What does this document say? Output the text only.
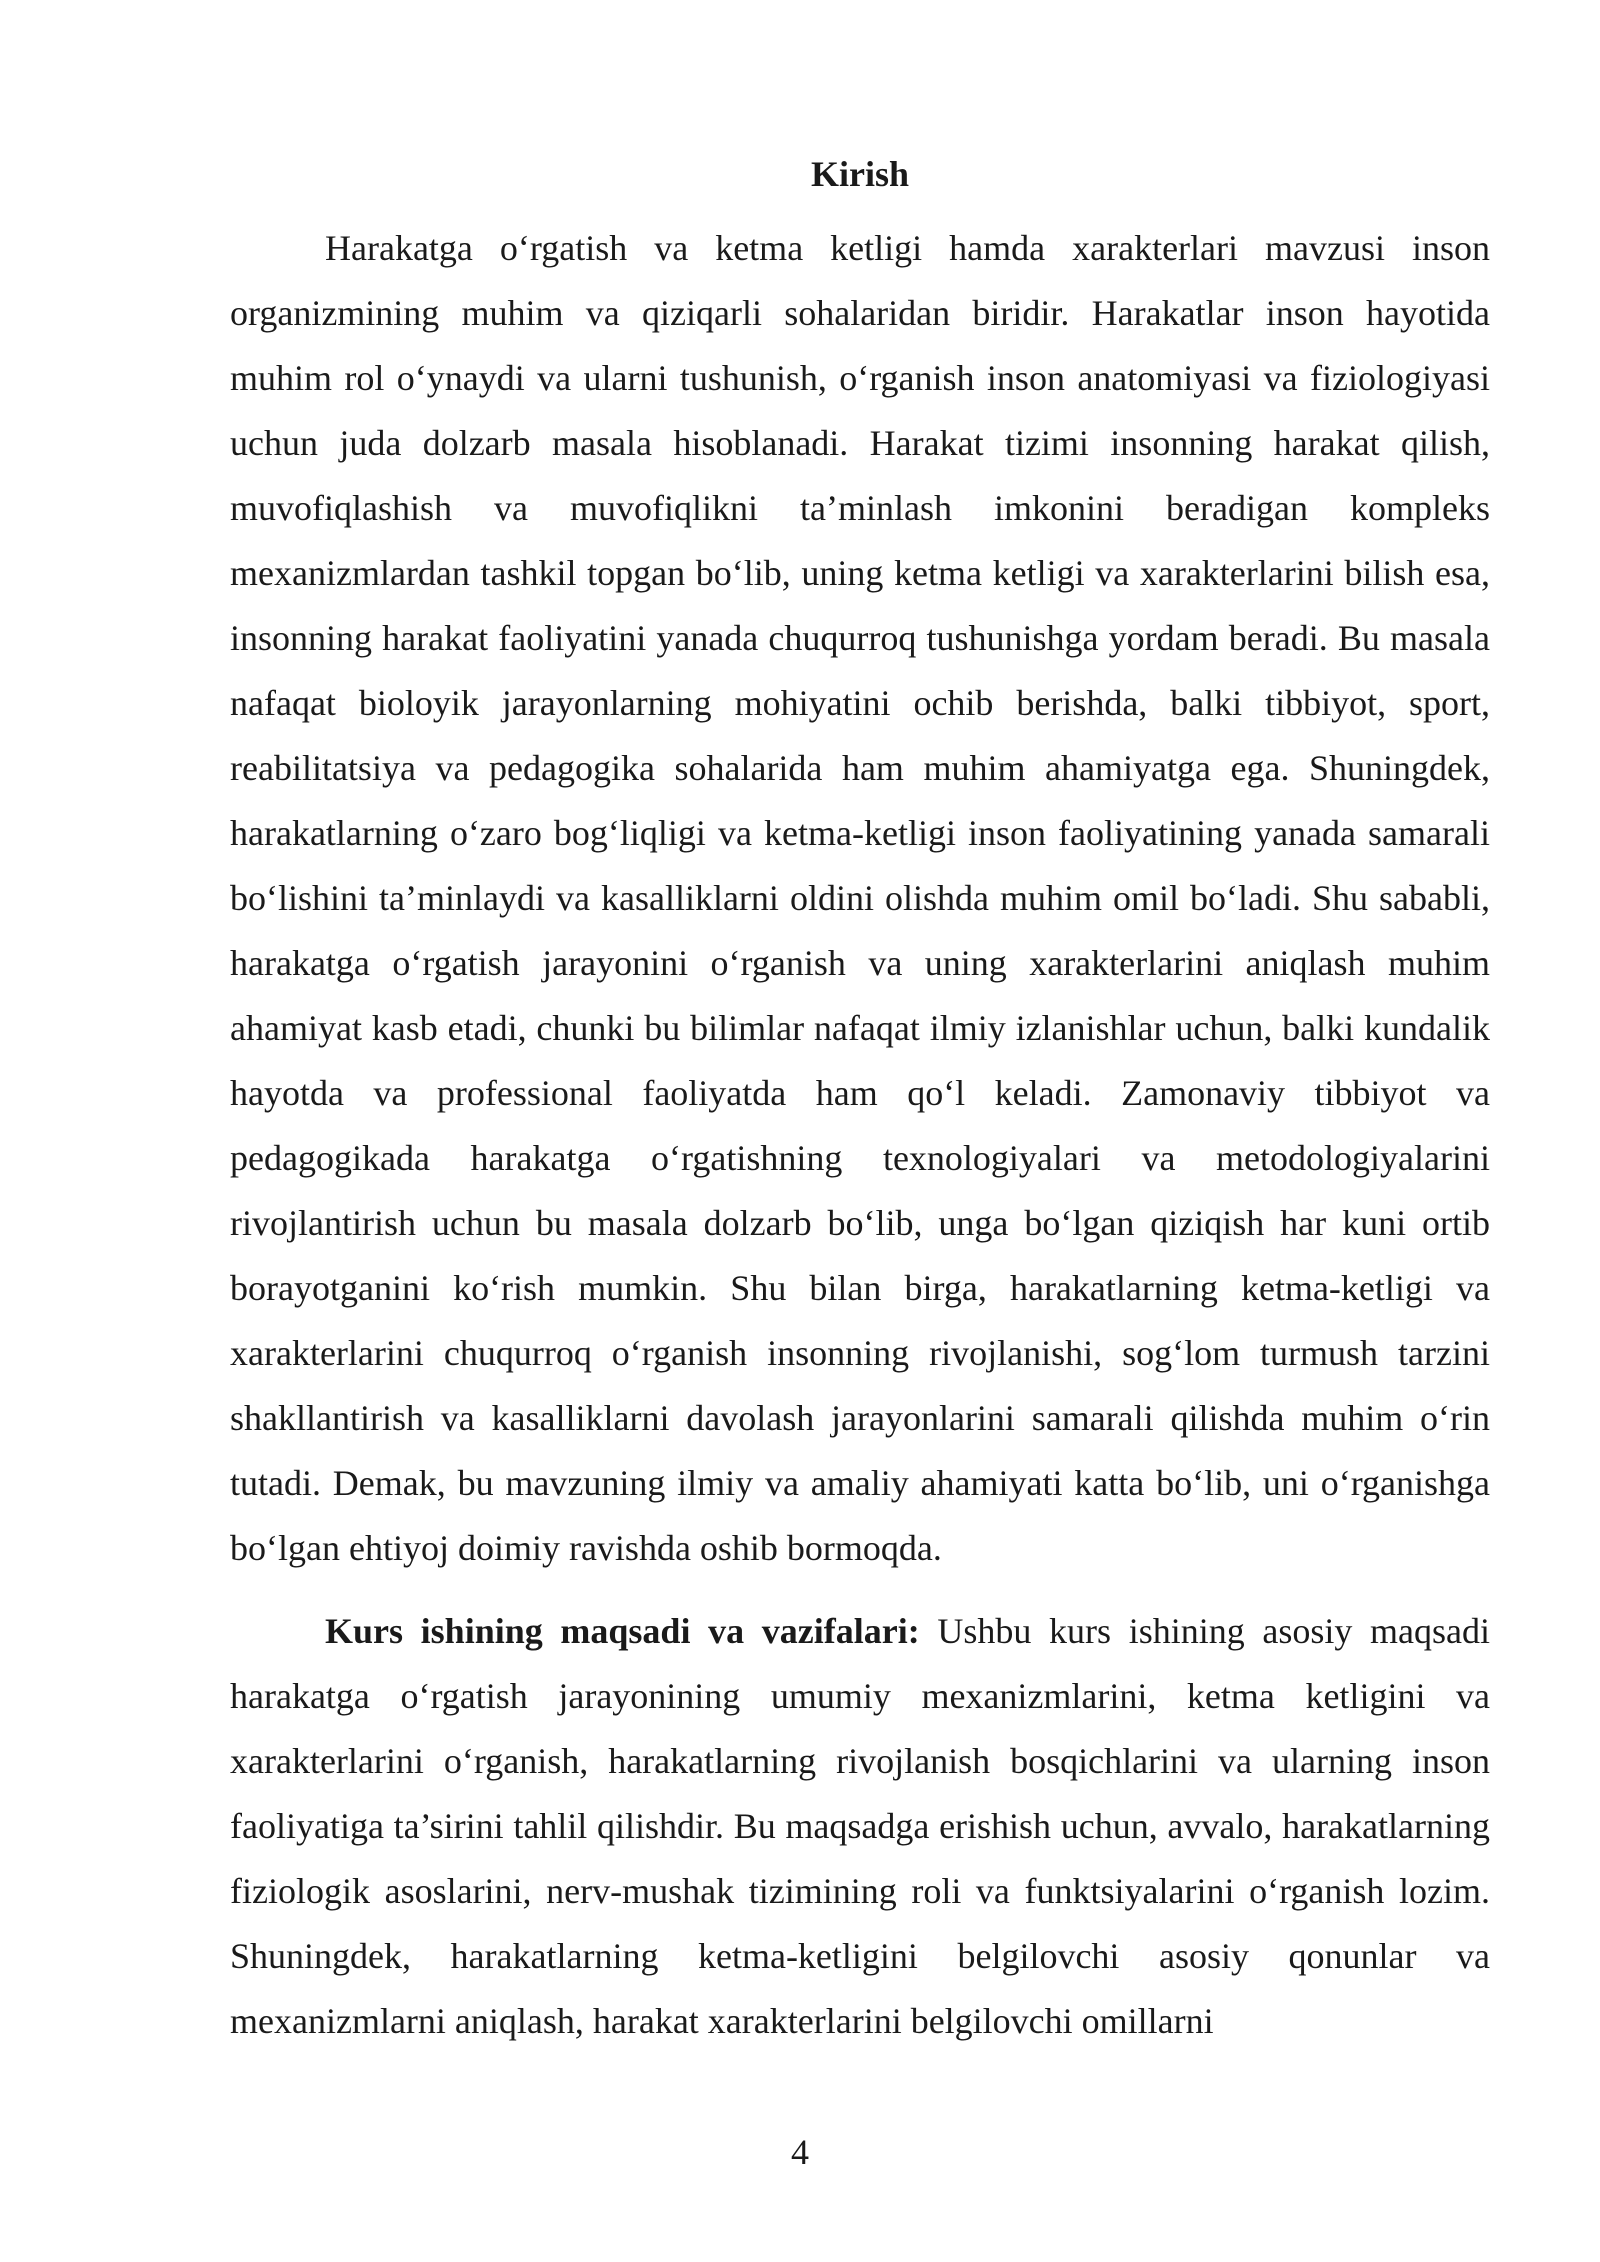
Kirish

Harakatga o‘rgatish va ketma ketligi hamda xarakterlari mavzusi inson organizmining muhim va qiziqarli sohalaridan biridir. Harakatlar inson hayotida muhim rol o‘ynaydi va ularni tushunish, o‘rganish inson anatomiyasi va fiziologiyasi uchun juda dolzarb masala hisoblanadi. Harakat tizimi insonning harakat qilish, muvofiqlashish va muvofiqlikni ta’minlash imkonini beradigan kompleks mexanizmlardan tashkil topgan bo‘lib, uning ketma ketligi va xarakterlarini bilish esa, insonning harakat faoliyatini yanada chuqurroq tushunishga yordam beradi. Bu masala nafaqat bioloyik jarayonlarning mohiyatini ochib berishda, balki tibbiyot, sport, reabilitatsiya va pedagogika sohalarida ham muhim ahamiyatga ega. Shuningdek, harakatlarning o‘zaro bog‘liqligi va ketma-ketligi inson faoliyatining yanada samarali bo‘lishini ta’minlaydi va kasalliklarni oldini olishda muhim omil bo‘ladi. Shu sababli, harakatga o‘rgatish jarayonini o‘rganish va uning xarakterlarini aniqlash muhim ahamiyat kasb etadi, chunki bu bilimlar nafaqat ilmiy izlanishlar uchun, balki kundalik hayotda va professional faoliyatda ham qo‘l keladi. Zamonaviy tibbiyot va pedagogikada harakatga o‘rgatishning texnologiyalari va metodologiyalarini rivojlantirish uchun bu masala dolzarb bo‘lib, unga bo‘lgan qiziqish har kuni ortib borayotganini ko‘rish mumkin. Shu bilan birga, harakatlarning ketma-ketligi va xarakterlarini chuqurroq o‘rganish insonning rivojlanishi, sog‘lom turmush tarzini shakllantirish va kasalliklarni davolash jarayonlarini samarali qilishda muhim o‘rin tutadi. Demak, bu mavzuning ilmiy va amaliy ahamiyati katta bo‘lib, uni o‘rganishga bo‘lgan ehtiyoj doimiy ravishda oshib bormoqda.

Kurs ishining maqsadi va vazifalari: Ushbu kurs ishining asosiy maqsadi harakatga o‘rgatish jarayonining umumiy mexanizmlarini, ketma ketligini va xarakterlarini o‘rganish, harakatlarning rivojlanish bosqichlarini va ularning inson faoliyatiga ta’sirini tahlil qilishdir. Bu maqsadga erishish uchun, avvalo, harakatlarning fiziologik asoslarini, nerv-mushak tizimining roli va funktsiyalarini o‘rganish lozim. Shuningdek, harakatlarning ketma-ketligini belgilovchi asosiy qonunlar va mexanizmlarni aniqlash, harakat xarakterlarini belgilovchi omillarni

4
